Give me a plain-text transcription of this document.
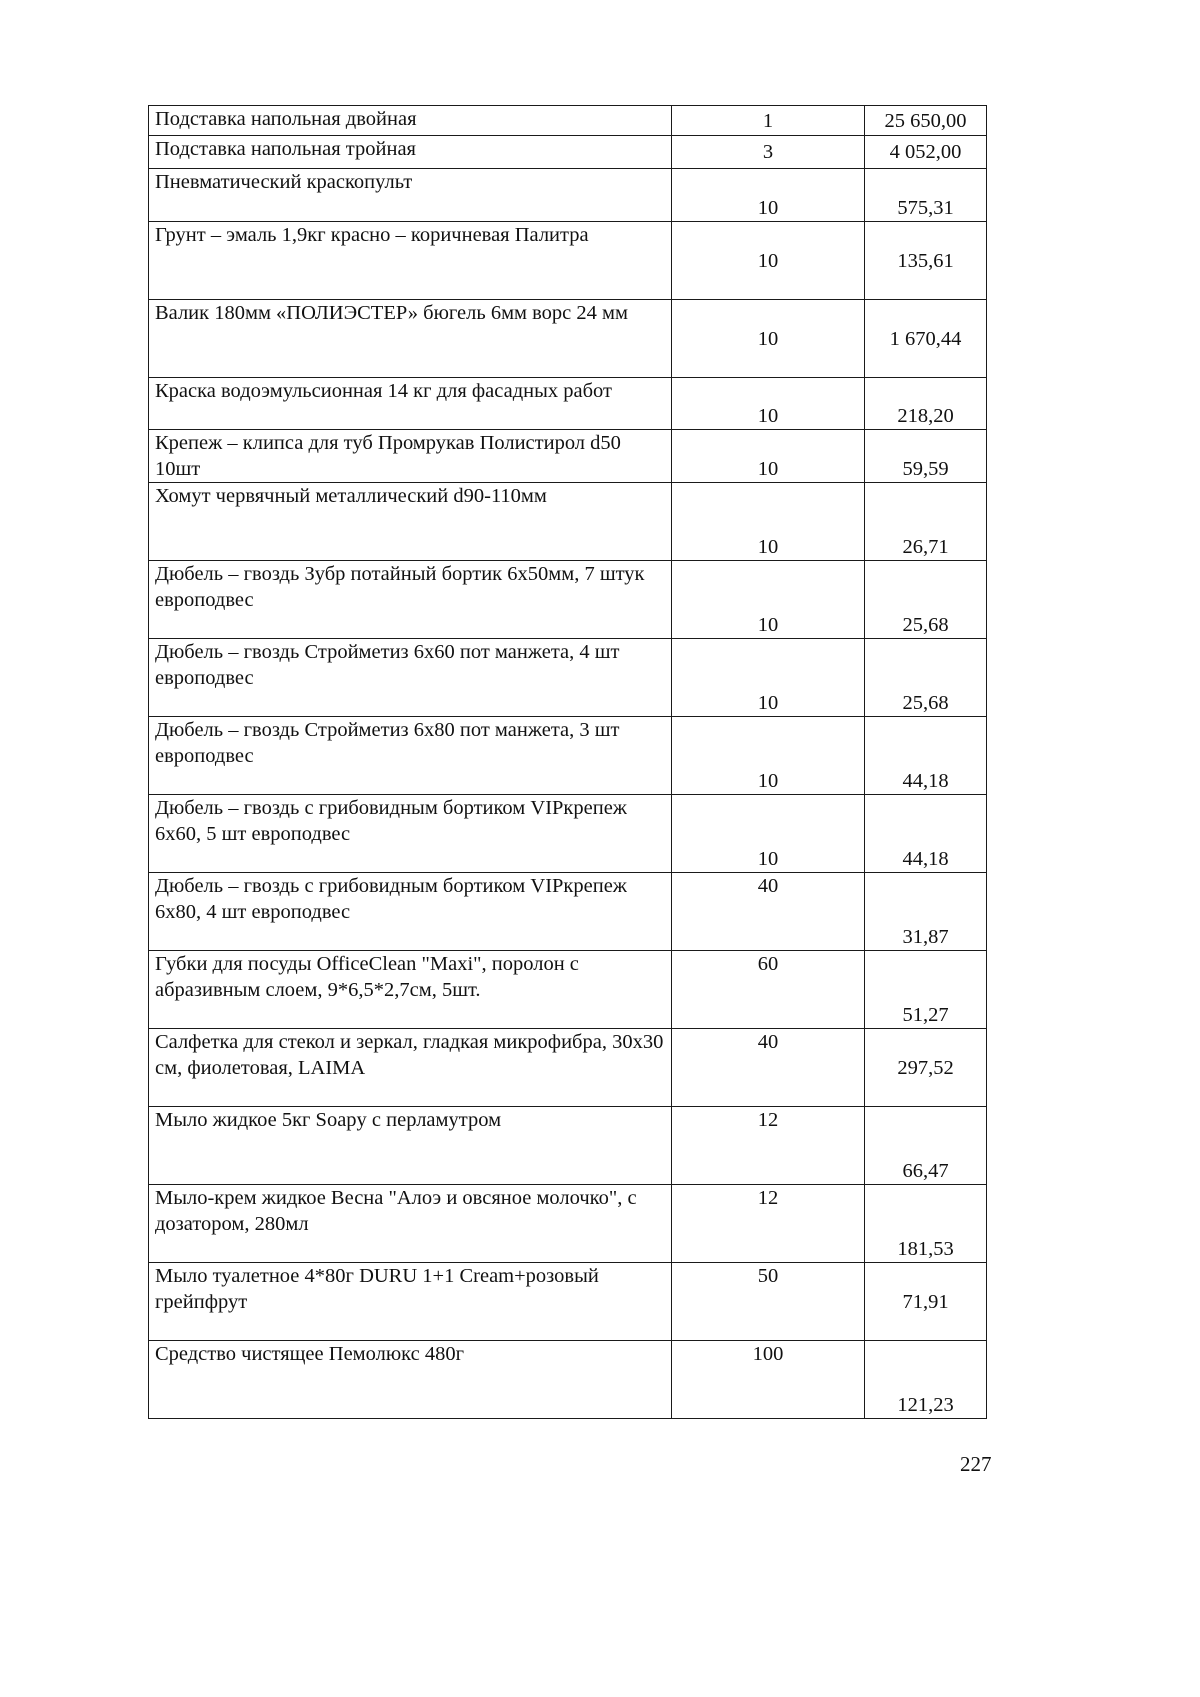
Подставка напольная двойная	1	25 650,00
Подставка напольная тройная	3	4 052,00
Пневматический краскопульт	10	575,31
Грунт – эмаль 1,9кг красно – коричневая Палитра	10	135,61
Валик 180мм «ПОЛИЭСТЕР» бюгель 6мм ворс 24 мм	10	1 670,44
Краска водоэмульсионная 14 кг для фасадных работ	10	218,20
Крепеж – клипса для туб Промрукав Полистирол d50 10шт	10	59,59
Хомут червячный металлический d90-110мм	10	26,71
Дюбель – гвоздь Зубр потайный бортик 6х50мм, 7 штук европодвес	10	25,68
Дюбель – гвоздь Стройметиз 6х60 пот манжета, 4 шт европодвес	10	25,68
Дюбель – гвоздь Стройметиз 6х80 пот манжета, 3 шт европодвес	10	44,18
Дюбель – гвоздь с грибовидным бортиком VIPкрепеж 6х60, 5 шт европодвес	10	44,18
Дюбель – гвоздь с грибовидным бортиком VIPкрепеж 6х80, 4 шт европодвес	40	31,87
Губки для посуды OfficeClean "Maxi", поролон с абразивным слоем, 9*6,5*2,7см, 5шт.	60	51,27
Салфетка для стекол и зеркал, гладкая микрофибра, 30х30 см, фиолетовая, LAIMA	40	297,52
Мыло жидкое 5кг Soapy с перламутром	12	66,47
Мыло-крем жидкое Весна "Алоэ и овсяное молочко", с дозатором, 280мл	12	181,53
Мыло туалетное 4*80г DURU 1+1 Cream+розовый грейпфрут	50	71,91
Средство чистящее Пемолюкс 480г	100	121,23
227
